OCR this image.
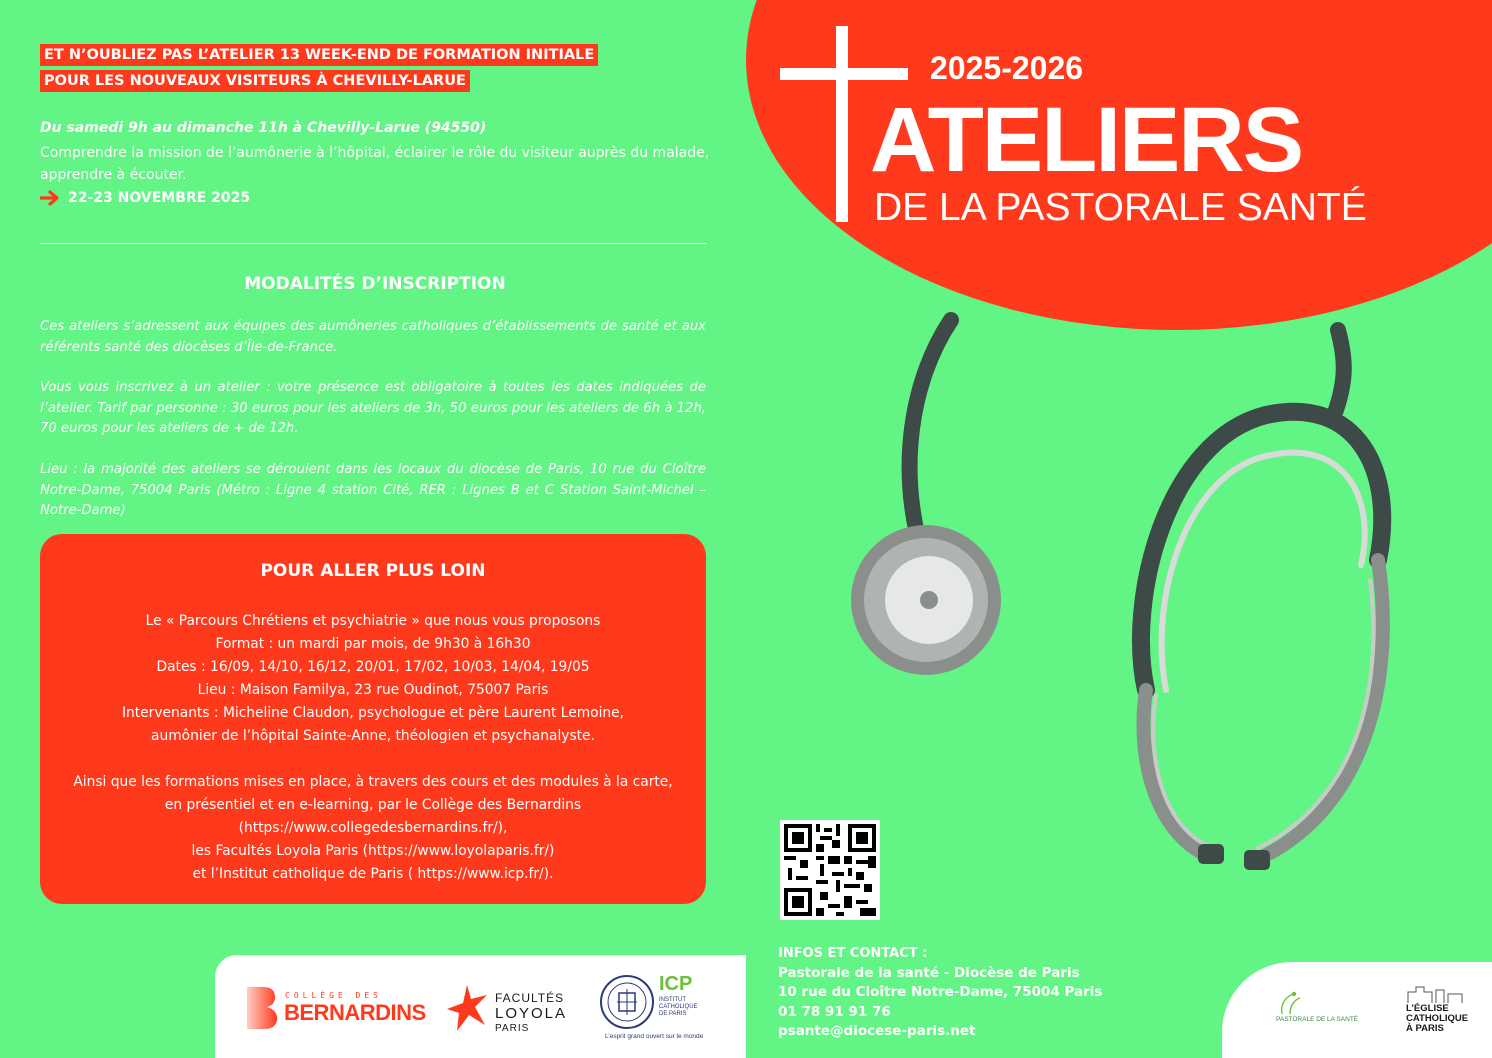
ET N’OUBLIEZ PAS L’ATELIER 13 WEEK-END DE FORMATION INITIALE
POUR LES NOUVEAUX VISITEURS À CHEVILLY-LARUE
Du samedi 9h au dimanche 11h à Chevilly-Larue (94550)
Comprendre la mission de l’aumônerie à l’hôpital, éclairer le rôle du visiteur auprès du malade, apprendre à écouter.
22-23 NOVEMBRE 2025
MODALITÉS D’INSCRIPTION
Ces ateliers s’adressent aux équipes des aumôneries catholiques d’établissements de santé et aux référents santé des diocèses d’Île-de-France.
Vous vous inscrivez à un atelier : votre présence est obligatoire à toutes les dates indiquées de l’atelier. Tarif par personne : 30 euros pour les ateliers de 3h, 50 euros pour les ateliers de 6h à 12h, 70 euros pour les ateliers de + de 12h.
Lieu : la majorité des ateliers se déroulent dans les locaux du diocèse de Paris, 10 rue du Cloître Notre-Dame, 75004 Paris (Métro : Ligne 4 station Cité, RER : Lignes B et C Station Saint-Michel – Notre-Dame)
POUR ALLER PLUS LOIN
Le « Parcours Chrétiens et psychiatrie » que nous vous proposons
Format : un mardi par mois, de 9h30 à 16h30
Dates : 16/09, 14/10, 16/12, 20/01, 17/02, 10/03, 14/04, 19/05
Lieu : Maison Familya, 23 rue Oudinot, 75007 Paris
Intervenants : Micheline Claudon, psychologue et père Laurent Lemoine,
aumônier de l’hôpital Sainte-Anne, théologien et psychanalyste.
Ainsi que les formations mises en place, à travers des cours et des modules à la carte,
en présentiel et en e-learning, par le Collège des Bernardins
(https://www.collegedesbernardins.fr/),
les Facultés Loyola Paris (https://www.loyolaparis.fr/)
et l’Institut catholique de Paris ( https://www.icp.fr/).
COLLÈGE DES
BERNARDINS
FACULTÉS
LOYOLA
PARIS
ICP
INSTITUT CATHOLIQUE DE PARIS
L’esprit grand ouvert sur le monde
2025-2026
ATELIERS
DE LA PASTORALE SANTÉ
INFOS ET CONTACT :
Pastorale de la santé - Diocèse de Paris
10 rue du Cloître Notre-Dame, 75004 Paris
01 78 91 91 76
psante@diocese-paris.net
PASTORALE DE LA SANTÉ
L’ÉGLISE
CATHOLIQUE
À PARIS
